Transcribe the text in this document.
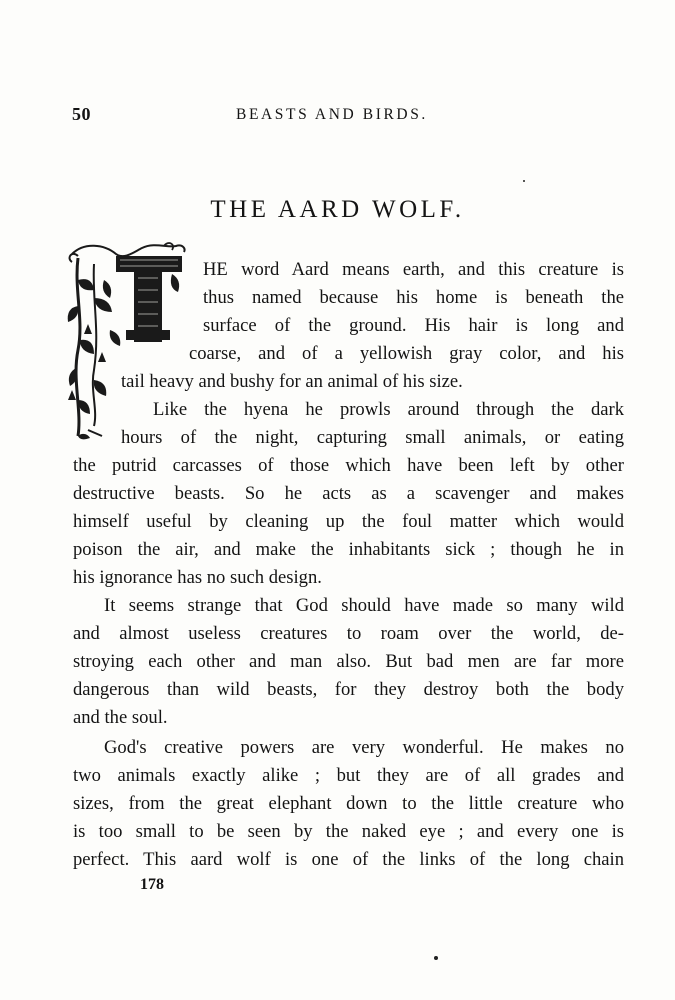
50	BEASTS AND BIRDS.
THE AARD WOLF.
HE word Aard means earth, and this creature is
thus named because his home is beneath the
surface of the ground. His hair is long and
coarse, and of a yellowish gray color, and his
tail heavy and bushy for an animal of his size.
Like the hyena he prowls around through the dark
hours of the night, capturing small animals, or eating
the putrid carcasses of those which have been left by other
destructive beasts. So he acts as a scavenger and makes
himself useful by cleaning up the foul matter which would
poison the air, and make the inhabitants sick ; though he in
his ignorance has no such design.
It seems strange that God should have made so many wild
and almost useless creatures to roam over the world, de-
stroying each other and man also. But bad men are far more
dangerous than wild beasts, for they destroy both the body
and the soul.
God's creative powers are very wonderful. He makes no
two animals exactly alike ; but they are of all grades and
sizes, from the great elephant down to the little creature who
is too small to be seen by the naked eye ; and every one is
perfect. This aard wolf is one of the links of the long chain
178
